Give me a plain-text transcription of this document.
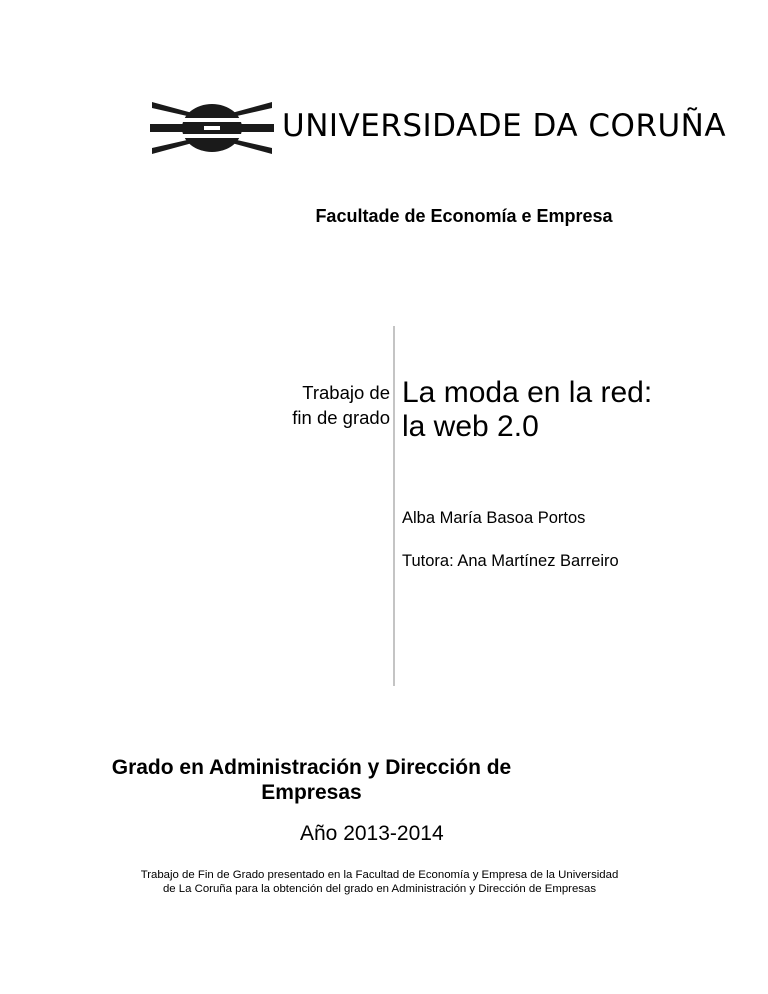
UNIVERSIDADE DA CORUÑA
Facultade de Economía e Empresa
Trabajo de
fin de grado
La moda en la red:
la web 2.0
Alba María Basoa Portos
Tutora: Ana Martínez Barreiro
Grado en Administración y Dirección de
Empresas
Año 2013-2014
Trabajo de Fin de Grado presentado en la Facultad de Economía y Empresa de la Universidad
de La Coruña para la obtención del grado en Administración y Dirección de Empresas
